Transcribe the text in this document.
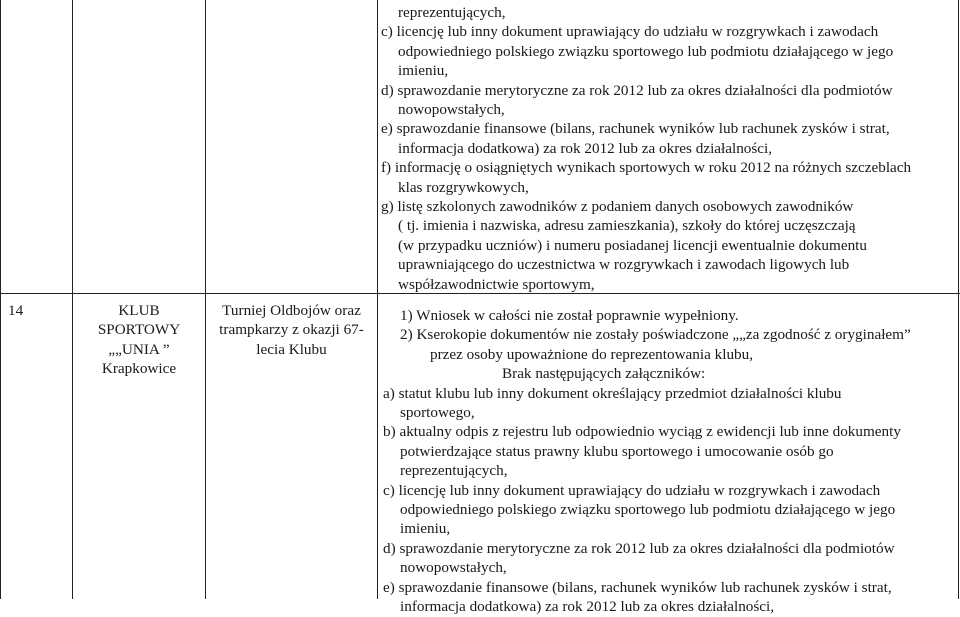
reprezentujących,
c) licencję lub inny dokument uprawiający do udziału w rozgrywkach i zawodach
odpowiedniego polskiego związku sportowego lub podmiotu działającego w jego
imieniu,
d) sprawozdanie merytoryczne za rok 2012 lub za okres działalności dla podmiotów
nowopowstałych,
e) sprawozdanie finansowe (bilans, rachunek wyników lub rachunek zysków i strat,
informacja dodatkowa) za rok 2012 lub za okres działalności,
f) informację o osiągniętych wynikach sportowych w roku 2012 na różnych szczeblach
klas rozgrywkowych,
g) listę szkolonych zawodników z podaniem danych osobowych zawodników
( tj. imienia i nazwiska, adresu zamieszkania), szkoły do której uczęszczają
(w przypadku uczniów) i numeru posiadanej licencji ewentualnie dokumentu
uprawniającego do uczestnictwa w rozgrywkach i zawodach ligowych lub
współzawodnictwie sportowym,
14	KLUB
SPORTOWY
„„UNIA ”
Krapkowice
Turniej Oldbojów oraz
trampkarzy z okazji 67-
lecia Klubu
1) Wniosek w całości nie został poprawnie wypełniony.
2) Kserokopie dokumentów nie zostały poświadczone „„za zgodność z oryginałem”
przez osoby upoważnione do reprezentowania klubu,
Brak następujących załączników:
a) statut klubu lub inny dokument określający przedmiot działalności klubu
sportowego,
b) aktualny odpis z rejestru lub odpowiednio wyciąg z ewidencji lub inne dokumenty
potwierdzające status prawny klubu sportowego i umocowanie osób go
reprezentujących,
c) licencję lub inny dokument uprawiający do udziału w rozgrywkach i zawodach
odpowiedniego polskiego związku sportowego lub podmiotu działającego w jego
imieniu,
d) sprawozdanie merytoryczne za rok 2012 lub za okres działalności dla podmiotów
nowopowstałych,
e) sprawozdanie finansowe (bilans, rachunek wyników lub rachunek zysków i strat,
informacja dodatkowa) za rok 2012 lub za okres działalności,
